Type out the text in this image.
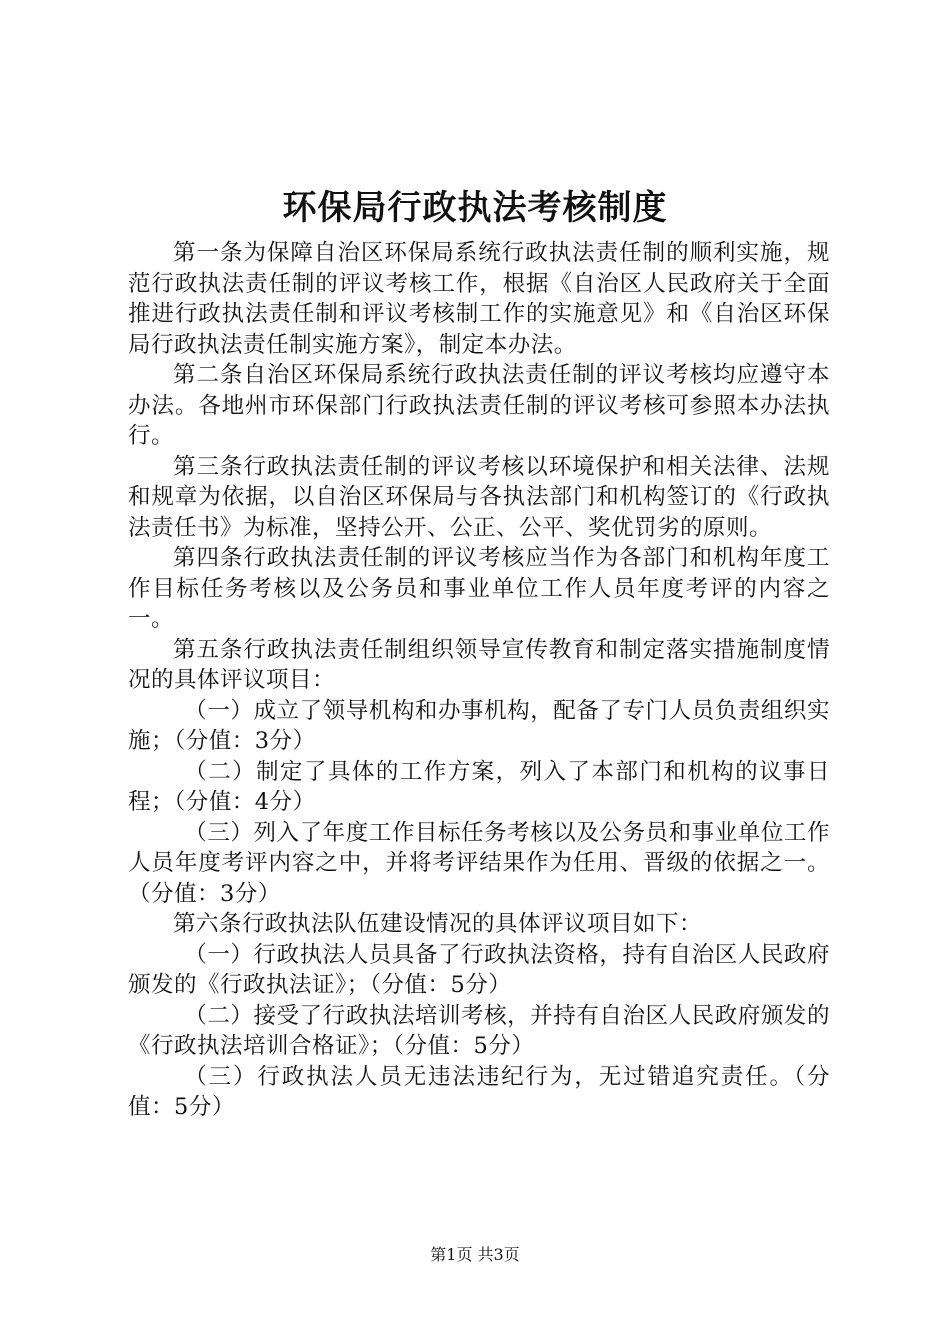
环保局行政执法考核制度

第一条为保障自治区环保局系统行政执法责任制的顺利实施，规范行政执法责任制的评议考核工作，根据《自治区人民政府关于全面推进行政执法责任制和评议考核制工作的实施意见》和《自治区环保局行政执法责任制实施方案》，制定本办法。

第二条自治区环保局系统行政执法责任制的评议考核均应遵守本办法。各地州市环保部门行政执法责任制的评议考核可参照本办法执行。

第三条行政执法责任制的评议考核以环境保护和相关法律、法规和规章为依据，以自治区环保局与各执法部门和机构签订的《行政执法责任书》为标准，坚持公开、公正、公平、奖优罚劣的原则。

第四条行政执法责任制的评议考核应当作为各部门和机构年度工作目标任务考核以及公务员和事业单位工作人员年度考评的内容之一。

第五条行政执法责任制组织领导宣传教育和制定落实措施制度情况的具体评议项目：

（一）成立了领导机构和办事机构，配备了专门人员负责组织实施；（分值：3分）

（二）制定了具体的工作方案，列入了本部门和机构的议事日程；（分值：4分）

（三）列入了年度工作目标任务考核以及公务员和事业单位工作人员年度考评内容之中，并将考评结果作为任用、晋级的依据之一。（分值：3分）

第六条行政执法队伍建设情况的具体评议项目如下：

（一）行政执法人员具备了行政执法资格，持有自治区人民政府颁发的《行政执法证》；（分值：5分）

（二）接受了行政执法培训考核，并持有自治区人民政府颁发的《行政执法培训合格证》；（分值：5分）

（三）行政执法人员无违法违纪行为，无过错追究责任。（分值：5分）

第1页 共3页
